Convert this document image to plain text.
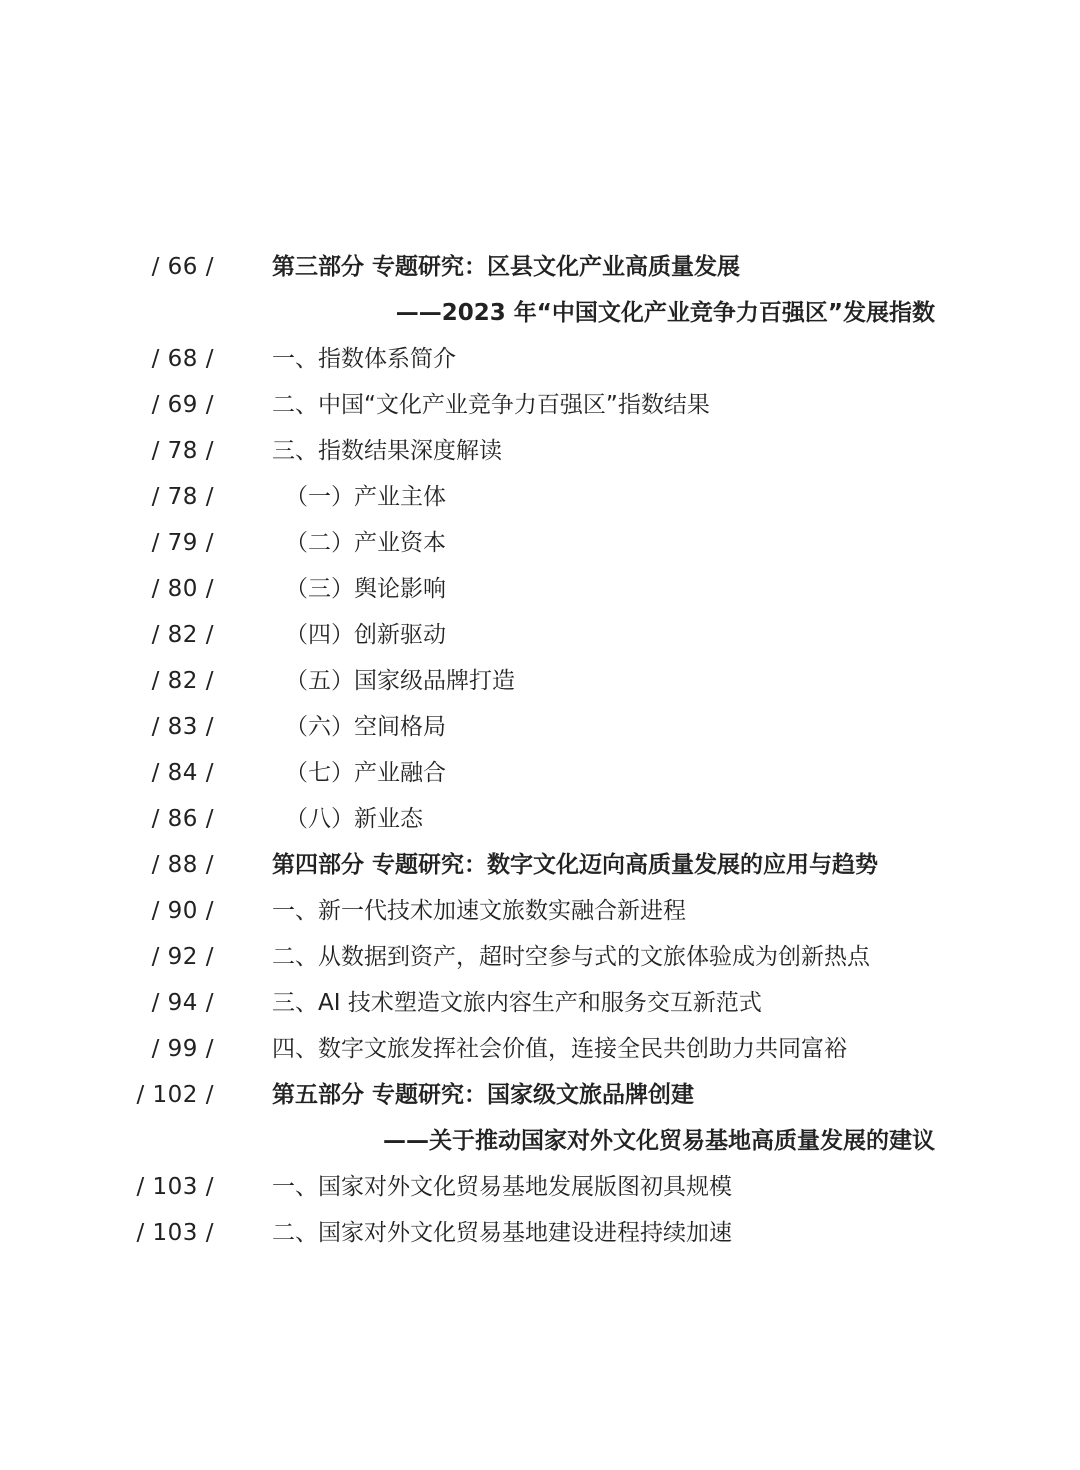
/ 66 /	第三部分 专题研究：区县文化产业高质量发展
——2023 年“中国文化产业竞争力百强区”发展指数
/ 68 /	一、指数体系简介
/ 69 /	二、中国“文化产业竞争力百强区”指数结果
/ 78 /	三、指数结果深度解读
/ 78 /	（一）产业主体
/ 79 /	（二）产业资本
/ 80 /	（三）舆论影响
/ 82 /	（四）创新驱动
/ 82 /	（五）国家级品牌打造
/ 83 /	（六）空间格局
/ 84 /	（七）产业融合
/ 86 /	（八）新业态
/ 88 /	第四部分 专题研究：数字文化迈向高质量发展的应用与趋势
/ 90 /	一、新一代技术加速文旅数实融合新进程
/ 92 /	二、从数据到资产，超时空参与式的文旅体验成为创新热点
/ 94 /	三、AI 技术塑造文旅内容生产和服务交互新范式
/ 99 /	四、数字文旅发挥社会价值，连接全民共创助力共同富裕
/ 102 /	第五部分 专题研究：国家级文旅品牌创建
——关于推动国家对外文化贸易基地高质量发展的建议
/ 103 /	一、国家对外文化贸易基地发展版图初具规模
/ 103 /	二、国家对外文化贸易基地建设进程持续加速
